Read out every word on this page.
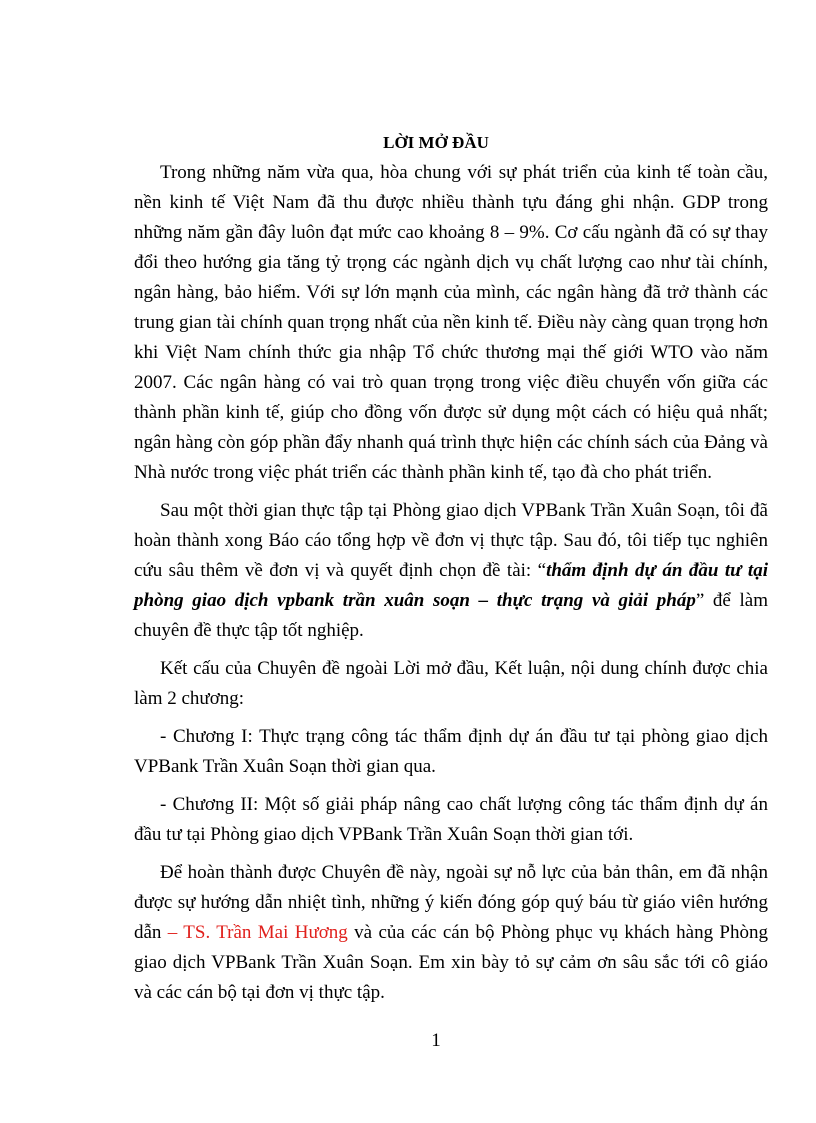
LỜI MỞ ĐẦU

Trong những năm vừa qua, hòa chung với sự phát triển của kinh tế toàn cầu, nền kinh tế Việt Nam đã thu được nhiều thành tựu đáng ghi nhận. GDP trong những năm gần đây luôn đạt mức cao khoảng 8 – 9%. Cơ cấu ngành đã có sự thay đổi theo hướng gia tăng tỷ trọng các ngành dịch vụ chất lượng cao như tài chính, ngân hàng, bảo hiểm. Với sự lớn mạnh của mình, các ngân hàng đã trở thành các trung gian tài chính quan trọng nhất của nền kinh tế. Điều này càng quan trọng hơn khi Việt Nam chính thức gia nhập Tổ chức thương mại thế giới WTO vào năm 2007. Các ngân hàng có vai trò quan trọng trong việc điều chuyển vốn giữa các thành phần kinh tế, giúp cho đồng vốn được sử dụng một cách có hiệu quả nhất; ngân hàng còn góp phần đẩy nhanh quá trình thực hiện các chính sách của Đảng và Nhà nước trong việc phát triển các thành phần kinh tế, tạo đà cho phát triển.

Sau một thời gian thực tập tại Phòng giao dịch VPBank Trần Xuân Soạn, tôi đã hoàn thành xong Báo cáo tổng hợp về đơn vị thực tập. Sau đó, tôi tiếp tục nghiên cứu sâu thêm về đơn vị và quyết định chọn đề tài: “thẩm định dự án đầu tư tại phòng giao dịch vpbank trần xuân soạn – thực trạng và giải pháp” để làm chuyên đề thực tập tốt nghiệp.

Kết cấu của Chuyên đề ngoài Lời mở đầu, Kết luận, nội dung chính được chia làm 2 chương:

- Chương I: Thực trạng công tác thẩm định dự án đầu tư tại phòng giao dịch VPBank Trần Xuân Soạn thời gian qua.

- Chương II: Một số giải pháp nâng cao chất lượng công tác thẩm định dự án đầu tư tại Phòng giao dịch VPBank Trần Xuân Soạn thời gian tới.

Để hoàn thành được Chuyên đề này, ngoài sự nỗ lực của bản thân, em đã nhận được sự hướng dẫn nhiệt tình, những ý kiến đóng góp quý báu từ giáo viên hướng dẫn – TS. Trần Mai Hương và của các cán bộ Phòng phục vụ khách hàng Phòng giao dịch VPBank Trần Xuân Soạn. Em xin bày tỏ sự cảm ơn sâu sắc tới cô giáo và các cán bộ tại đơn vị thực tập.

1
